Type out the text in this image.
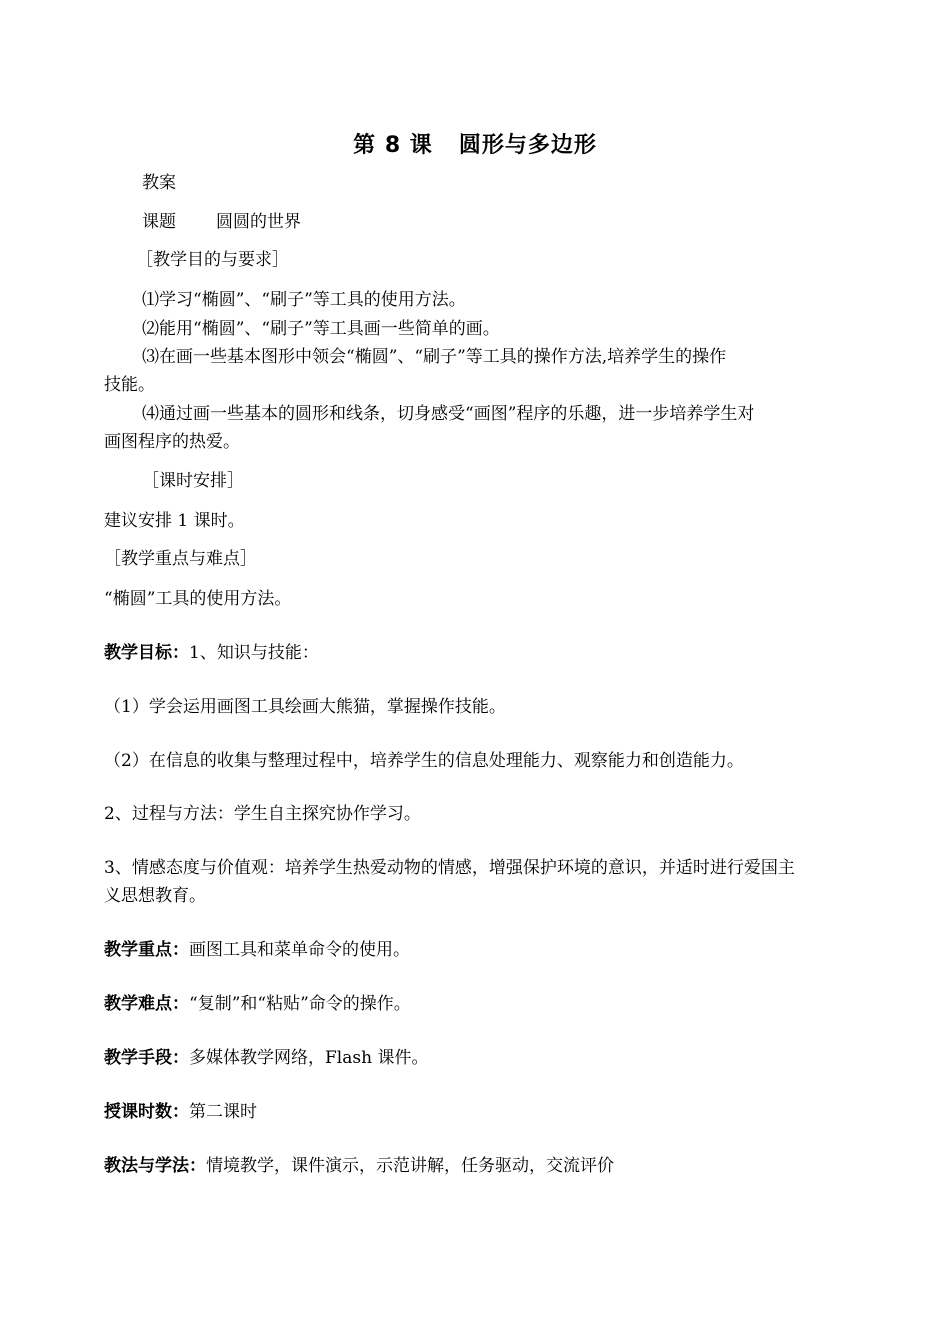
第 8 课 圆形与多边形
教案
课题 圆圆的世界
［教学目的与要求］
⑴学习“椭圆”、“刷子”等工具的使用方法。
⑵能用“椭圆”、“刷子”等工具画一些简单的画。
⑶在画一些基本图形中领会“椭圆”、“刷子”等工具的操作方法,培养学生的操作
技能。
⑷通过画一些基本的圆形和线条，切身感受“画图”程序的乐趣，进一步培养学生对
画图程序的热爱。
［课时安排］
建议安排 1 课时。
［教学重点与难点］
“椭圆”工具的使用方法。
教学目标：1、知识与技能：
（1）学会运用画图工具绘画大熊猫，掌握操作技能。
（2）在信息的收集与整理过程中，培养学生的信息处理能力、观察能力和创造能力。
2、过程与方法：学生自主探究协作学习。
3、情感态度与价值观：培养学生热爱动物的情感，增强保护环境的意识，并适时进行爱国主
义思想教育。
教学重点：画图工具和菜单命令的使用。
教学难点：“复制”和“粘贴”命令的操作。
教学手段：多媒体教学网络，Flash 课件。
授课时数：第二课时
教法与学法：情境教学，课件演示，示范讲解，任务驱动，交流评价
